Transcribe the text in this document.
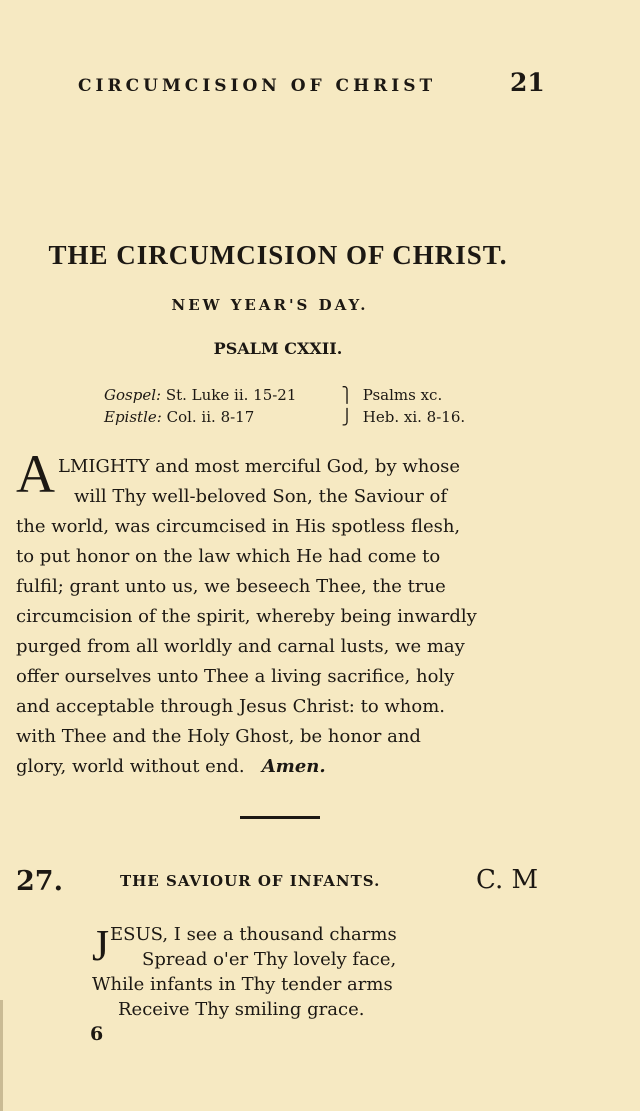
CIRCUMCISION OF CHRIST	21
THE CIRCUMCISION OF CHRIST.
NEW YEAR'S DAY.
PSALM CXXII.
Gospel: St. Luke ii. 15-21	⎫ Psalms xc.
Epistle: Col. ii. 8-17	⎭ Heb. xi. 8-16.
A LMIGHTY and most merciful God, by whose
will Thy well-beloved Son, the Saviour of
the world, was circumcised in His spotless flesh,
to put honor on the law which He had come to
fulfil; grant unto us, we beseech Thee, the true
circumcision of the spirit, whereby being inwardly
purged from all worldly and carnal lusts, we may
offer ourselves unto Thee a living sacrifice, holy
and acceptable through Jesus Christ: to whom.
with Thee and the Holy Ghost, be honor and
glory, world without end. Amen.
27.	THE SAVIOUR OF INFANTS.	C. M
J ESUS, I see a thousand charms
Spread o'er Thy lovely face,
While infants in Thy tender arms
Receive Thy smiling grace.
6
